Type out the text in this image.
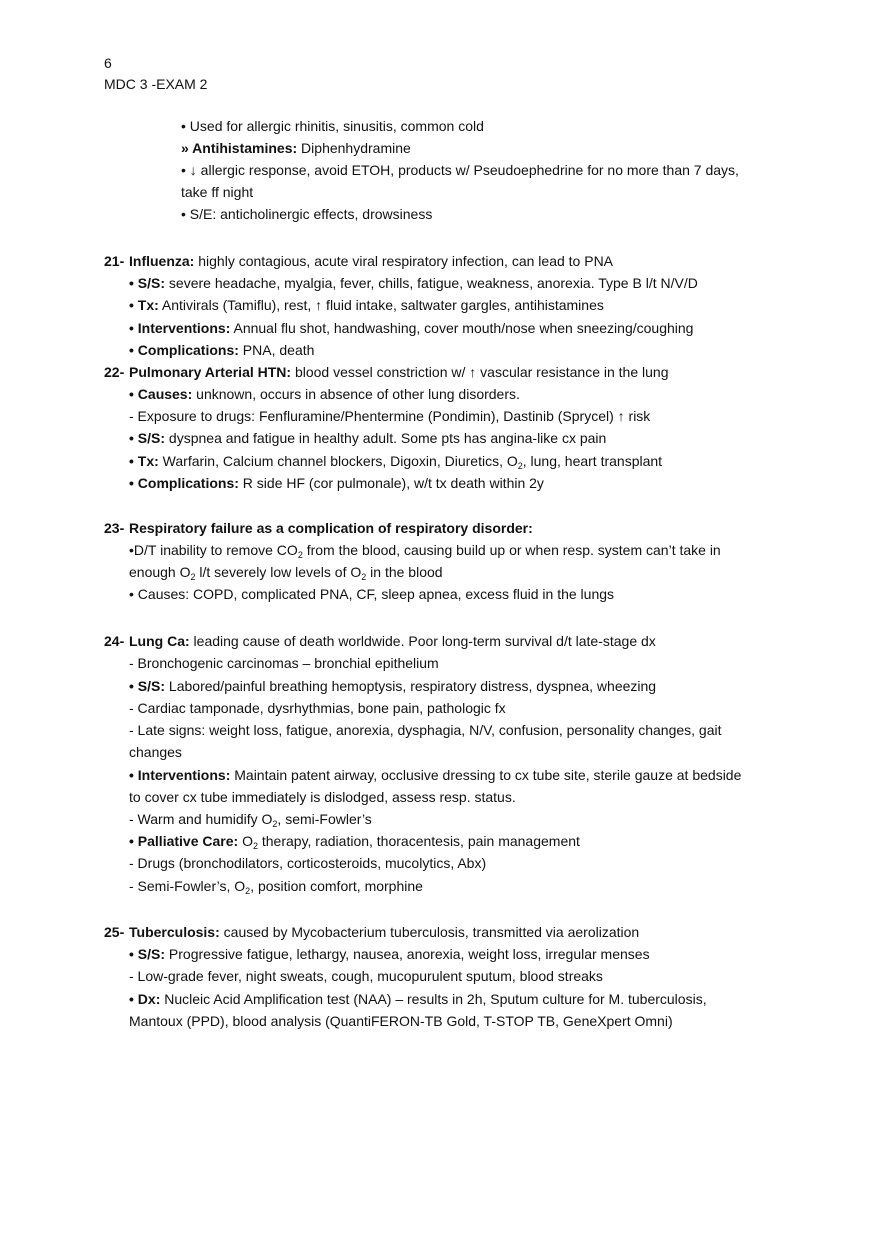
6
MDC 3 -EXAM 2
• Used for allergic rhinitis, sinusitis, common cold
» Antihistamines: Diphenhydramine
• ↓ allergic response, avoid ETOH, products w/ Pseudoephedrine for no more than 7 days,
take ff night
• S/E: anticholinergic effects, drowsiness
21- Influenza: highly contagious, acute viral respiratory infection, can lead to PNA
• S/S: severe headache, myalgia, fever, chills, fatigue, weakness, anorexia. Type B l/t N/V/D
• Tx: Antivirals (Tamiflu), rest, ↑ fluid intake, saltwater gargles, antihistamines
• Interventions: Annual flu shot, handwashing, cover mouth/nose when sneezing/coughing
• Complications: PNA, death
22- Pulmonary Arterial HTN: blood vessel constriction w/ ↑ vascular resistance in the lung
• Causes: unknown, occurs in absence of other lung disorders.
- Exposure to drugs: Fenfluramine/Phentermine (Pondimin), Dastinib (Sprycel) ↑ risk
• S/S: dyspnea and fatigue in healthy adult. Some pts has angina-like cx pain
• Tx: Warfarin, Calcium channel blockers, Digoxin, Diuretics, $O_2$, lung, heart transplant
• Complications: R side HF (cor pulmonale), w/t tx death within 2y
23- Respiratory failure as a complication of respiratory disorder:
•D/T inability to remove $CO_2$ from the blood, causing build up or when resp. system can’t take in
enough $O_2$ l/t severely low levels of $O_2$ in the blood
• Causes: COPD, complicated PNA, CF, sleep apnea, excess fluid in the lungs
24- Lung Ca: leading cause of death worldwide. Poor long-term survival d/t late-stage dx
- Bronchogenic carcinomas – bronchial epithelium
• S/S: Labored/painful breathing hemoptysis, respiratory distress, dyspnea, wheezing
- Cardiac tamponade, dysrhythmias, bone pain, pathologic fx
- Late signs: weight loss, fatigue, anorexia, dysphagia, N/V, confusion, personality changes, gait
changes
• Interventions: Maintain patent airway, occlusive dressing to cx tube site, sterile gauze at bedside
to cover cx tube immediately is dislodged, assess resp. status.
- Warm and humidify $O_2$, semi-Fowler’s
• Palliative Care: $O_2$ therapy, radiation, thoracentesis, pain management
- Drugs (bronchodilators, corticosteroids, mucolytics, Abx)
- Semi-Fowler’s, $O_2$, position comfort, morphine
25- Tuberculosis: caused by Mycobacterium tuberculosis, transmitted via aerolization
• S/S: Progressive fatigue, lethargy, nausea, anorexia, weight loss, irregular menses
- Low-grade fever, night sweats, cough, mucopurulent sputum, blood streaks
• Dx: Nucleic Acid Amplification test (NAA) – results in 2h, Sputum culture for M. tuberculosis,
Mantoux (PPD), blood analysis (QuantiFERON-TB Gold, T-STOP TB, GeneXpert Omni)
